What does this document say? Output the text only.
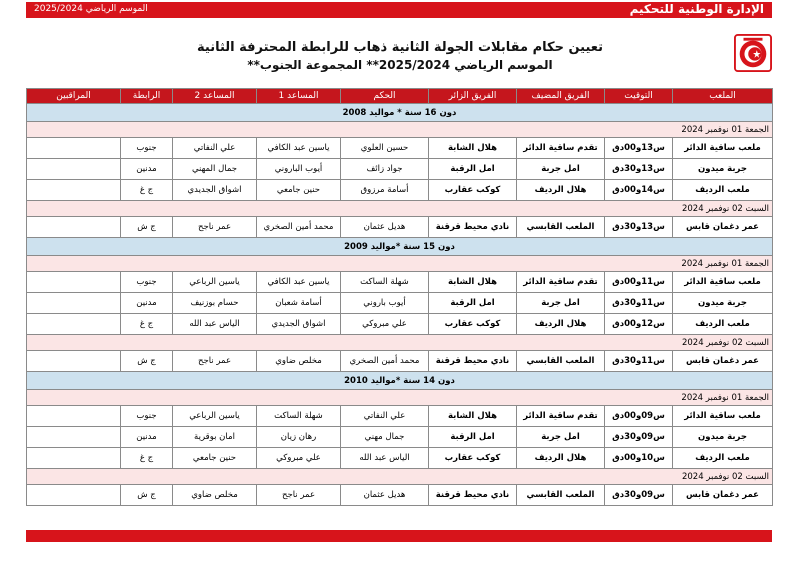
الموسم الرياضي 2025/2024	الإدارة الوطنية للتحكيم
تعيين حكام مقابلات الجولة الثانية ذهاب للرابطة المحترفة الثانية
الموسم الرياضي 2025/2024** المجموعة الجنوب**
الملعب	التوقيت	الفريق المضيف	الفريق الزائر	الحكم	المساعد 1	المساعد 2	الرابطة	المراقبين
دون 16 سنة * مواليد 2008								
الجمعة 01 نوفمبر 2024								
ملعب ساقية الدائر	س13و00دق	تقدم ساقية الدائر	هلال الشابة	حسين العلوي	ياسين عبد الكافي	علي النفاتي	جنوب	
جربة ميدون	س13و30دق	امل جربة	امل الرقبة	جواد زائف	أيوب الباروني	جمال المهني	مدنين	
ملعب الرديف	س14و00دق	هلال الرديف	كوكب عقارب	أسامة مرزوق	حنين جامعي	اشواق الجديدي	ج غ	
السبت 02 نوفمبر 2024								
عمر دغمان قابس	س13و30دق	الملعب القابسي	نادي محيط قرقنة	هديل عثمان	محمد أمين الصخري	عمر ناجح	ج ش	
دون 15 سنة *مواليد 2009								
الجمعة 01 نوفمبر 2024								
ملعب ساقية الدائر	س11و00دق	تقدم ساقية الدائر	هلال الشابة	شهلة الساكت	ياسين عبد الكافي	ياسين الرباعي	جنوب	
جربة ميدون	س11و30دق	امل جربة	امل الرقبة	أيوب باروني	أسامة شعبان	حسام بوزنيف	مدنين	
ملعب الرديف	س12و00دق	هلال الرديف	كوكب عقارب	علي مبروكي	اشواق الجديدي	الياس عبد الله	ج غ	
السبت 02 نوفمبر 2024								
عمر دغمان قابس	س11و30دق	الملعب القابسي	نادي محيط قرقنة	محمد أمين الصخري	مخلص ضاوي	عمر ناجح	ج ش	
دون 14 سنة *مواليد 2010								
الجمعة 01 نوفمبر 2024								
ملعب ساقية الدائر	س09و00دق	تقدم ساقية الدائر	هلال الشابة	علي النفاتي	شهلة الساكت	ياسين الرباعي	جنوب	
جربة ميدون	س09و30دق	امل جربة	امل الرقبة	جمال مهني	رهان زيان	امان بوقرية	مدنين	
ملعب الرديف	س10و00دق	هلال الرديف	كوكب عقارب	الياس عبد الله	علي مبروكي	حنين جامعي	ج غ	
السبت 02 نوفمبر 2024								
عمر دغمان قابس	س09و30دق	الملعب القابسي	نادي محيط قرقنة	هديل عثمان	عمر ناجح	مخلص ضاوي	ج ش	
